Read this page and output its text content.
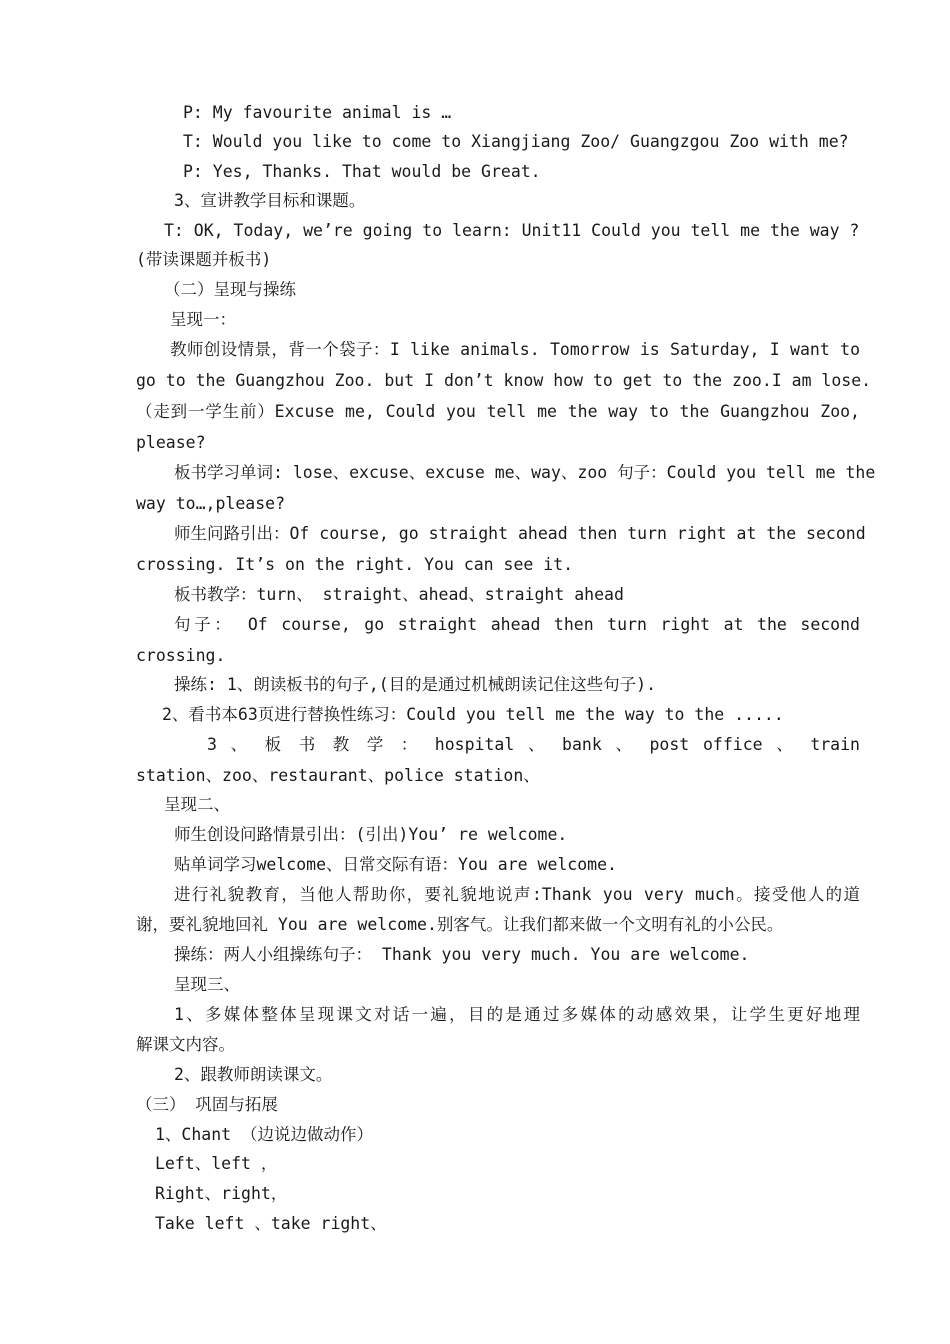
P: My favourite animal is …
T: Would you like to come to Xiangjiang Zoo/ Guangzgou Zoo with me?
P: Yes, Thanks. That would be Great.
3、宣讲教学目标和课题。
T: OK, Today, we’re going to learn: Unit11 Could you tell me the way ?
(带读课题并板书)
（二）呈现与操练
呈现一：
教师创设情景，背一个袋子：I like animals. Tomorrow is Saturday, I want to
go to the Guangzhou Zoo. but I don’t know how to get to the zoo.I am lose.
（走到一学生前）Excuse me, Could you tell me the way to the Guangzhou Zoo,
please?
板书学习单词: lose、excuse、excuse me、way、zoo 句子：Could you tell me the
way to…,please?
师生问路引出：Of course, go straight ahead then turn right at the second
crossing. It’s on the right. You can see it.
板书教学：turn、 straight、ahead、straight ahead
句子： Of course, go straight ahead then turn right at the second
crossing.
操练: 1、朗读板书的句子,(目的是通过机械朗读记住这些句子).
2、看书本63页进行替换性练习：Could you tell me the way to the .....
3 、 板 书 教 学 ： hospital 、 bank 、 post office 、 train
station、zoo、restaurant、police station、
呈现二、
师生创设问路情景引出：(引出)You’ re welcome.
贴单词学习welcome、日常交际有语：You are welcome.
进行礼貌教育，当他人帮助你，要礼貌地说声:Thank you very much。接受他人的道
谢，要礼貌地回礼 You are welcome.别客气。让我们都来做一个文明有礼的小公民。
操练：两人小组操练句子： Thank you very much. You are welcome.
呈现三、
1、多媒体整体呈现课文对话一遍，目的是通过多媒体的动感效果，让学生更好地理
解课文内容。
2、跟教师朗读课文。
（三） 巩固与拓展
1、Chant （边说边做动作）
Left、left ，
Right、right，
Take left 、take right、
